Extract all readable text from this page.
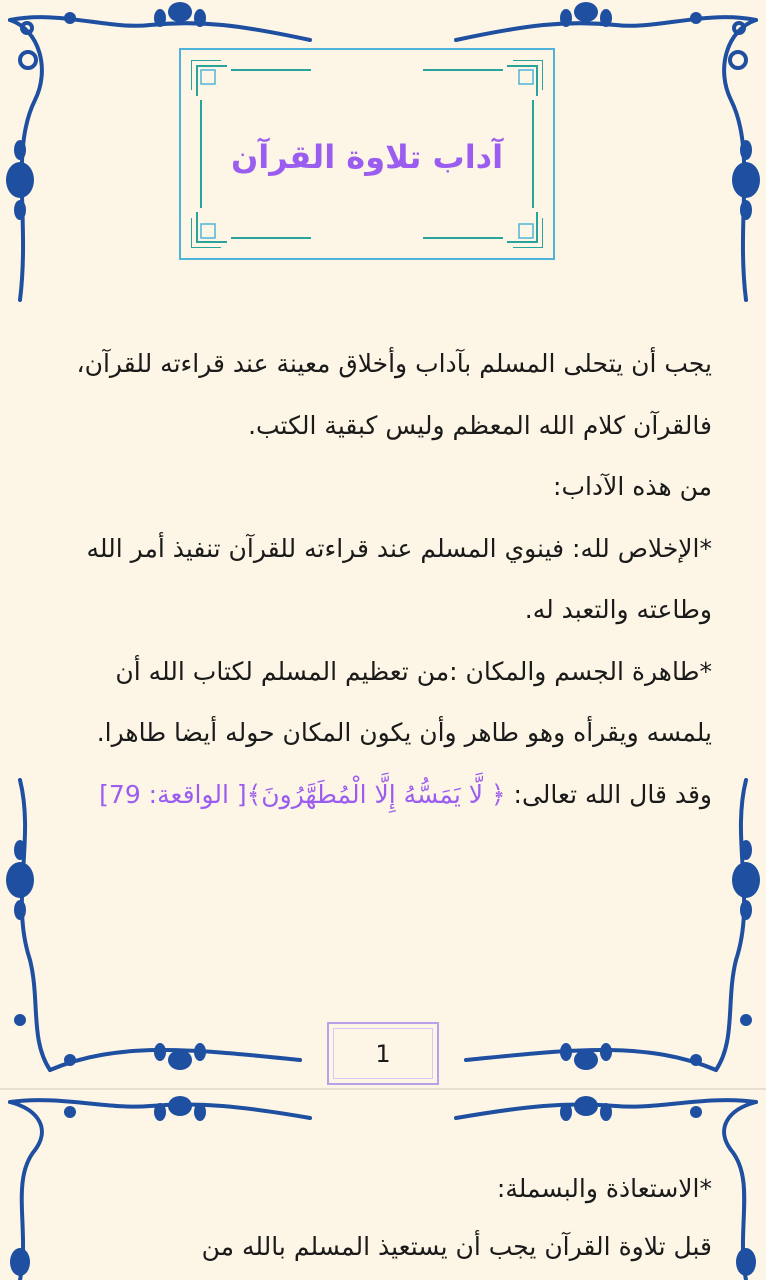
آداب تلاوة القرآن

يجب أن يتحلى المسلم بآداب وأخلاق معينة عند قراءته للقرآن، فالقرآن كلام الله المعظم وليس كبقية الكتب.

من هذه الآداب:

*الإخلاص لله: فينوي المسلم عند قراءته للقرآن تنفيذ أمر الله وطاعته والتعبد له.

*طاهرة الجسم والمكان :من تعظيم المسلم لكتاب الله أن يلمسه ويقرأه وهو طاهر وأن يكون المكان حوله أيضا طاهرا.

وقد قال الله تعالى: ﴿ لَّا يَمَسُّهُ إِلَّا الْمُطَهَّرُونَ﴾[ الواقعة: 79]

1

*الاستعاذة والبسملة:

قبل تلاوة القرآن يجب أن يستعيذ المسلم بالله من
